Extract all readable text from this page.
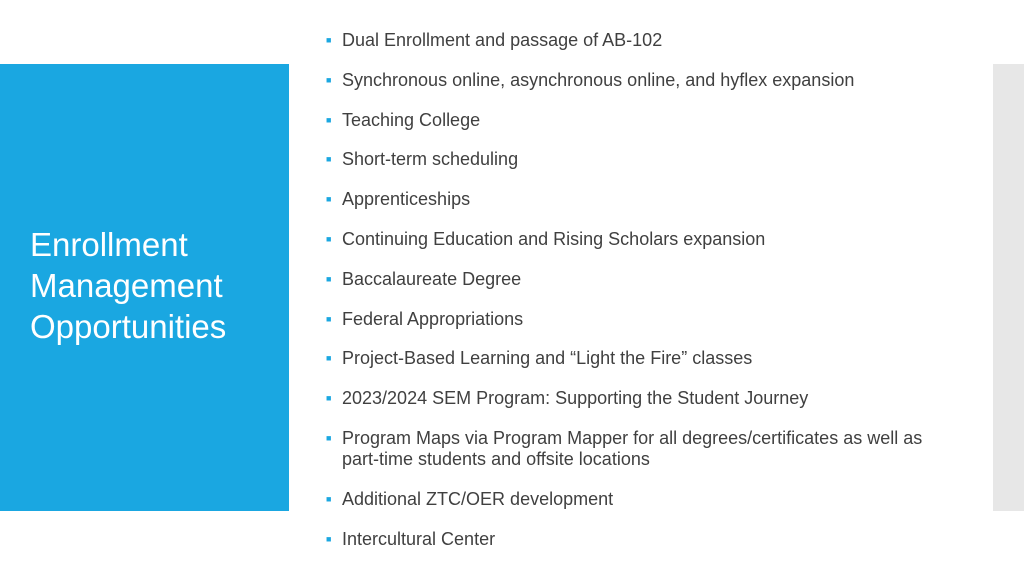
Enrollment
Management
Opportunities
■ Dual Enrollment and passage of AB-102
■ Synchronous online, asynchronous online, and hyflex expansion
■ Teaching College
■ Short-term scheduling
■ Apprenticeships
■ Continuing Education and Rising Scholars expansion
■ Baccalaureate Degree
■ Federal Appropriations
■ Project-Based Learning and “Light the Fire” classes
■ 2023/2024 SEM Program: Supporting the Student Journey
■ Program Maps via Program Mapper for all degrees/certificates as well as part-time students and offsite locations
■ Additional ZTC/OER development
■ Intercultural Center
